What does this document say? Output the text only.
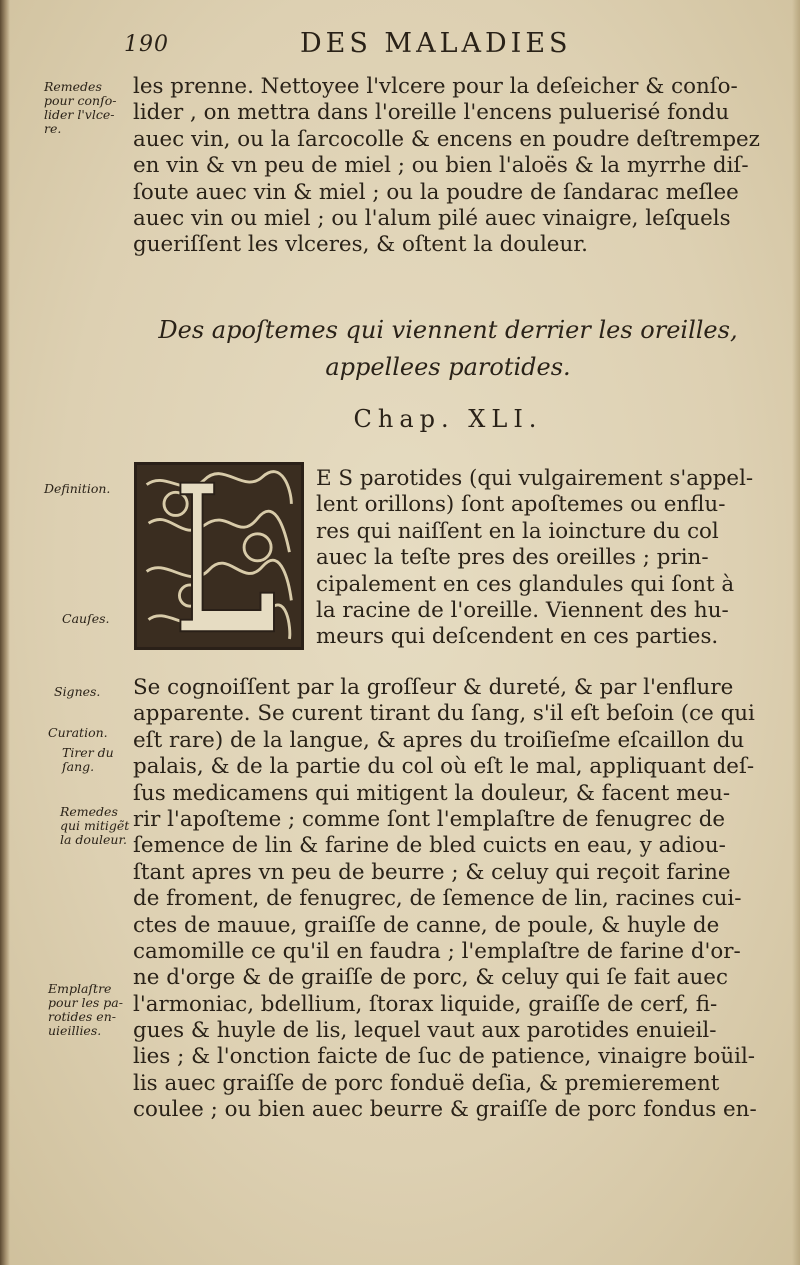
190	DES MALADIES
Remedes
pour conſo-
lider l'vlce-
re.
Definition.
Cauſes.
Signes.
Curation.
Tirer du
ſang.
Remedes
qui mitigẽt
la douleur.
Emplaſtre
pour les pa-
rotides en-
uieillies.
les prenne. Nettoyee l'vlcere pour la deſeicher & conſo-
lider , on mettra dans l'oreille l'encens puluerisé fondu
auec vin, ou la ſarcocolle & encens en poudre deſtrempez
en vin & vn peu de miel ; ou bien l'aloës & la myrrhe diſ-
ſoute auec vin & miel ; ou la poudre de ſandarac meſlee
auec vin ou miel ; ou l'alum pilé auec vinaigre, leſquels
gueriſſent les vlceres, & oſtent la douleur.
Des apoſtemes qui viennent derrier les oreilles,
appellees parotides.
Chap. XLI.
E S parotides (qui vulgairement s'appel-
lent orillons) ſont apoſtemes ou enflu-
res qui naiſſent en la ioincture du col
auec la teſte pres des oreilles ; prin-
cipalement en ces glandules qui ſont à
la racine de l'oreille. Viennent des hu-
meurs qui deſcendent en ces parties.
Se cognoiſſent par la groſſeur & dureté, & par l'enflure
apparente. Se curent tirant du ſang, s'il eſt beſoin (ce qui
eſt rare) de la langue, & apres du troiſieſme eſcaillon du
palais, & de la partie du col où eſt le mal, appliquant deſ-
ſus medicamens qui mitigent la douleur, & facent meu-
rir l'apoſteme ; comme ſont l'emplaſtre de fenugrec de
ſemence de lin & farine de bled cuicts en eau, y adiou-
ſtant apres vn peu de beurre ; & celuy qui reçoit farine
de froment, de fenugrec, de ſemence de lin, racines cui-
ctes de mauue, graiſſe de canne, de poule, & huyle de
camomille ce qu'il en faudra ; l'emplaſtre de farine d'or-
ne d'orge & de graiſſe de porc, & celuy qui ſe fait auec
l'armoniac, bdellium, ſtorax liquide, graiſſe de cerf, fi-
gues & huyle de lis, lequel vaut aux parotides enuieil-
lies ; & l'onction faicte de ſuc de patience, vinaigre boüil-
lis auec graiſſe de porc fonduë deſia, & premierement
coulee ; ou bien auec beurre & graiſſe de porc fondus en-
